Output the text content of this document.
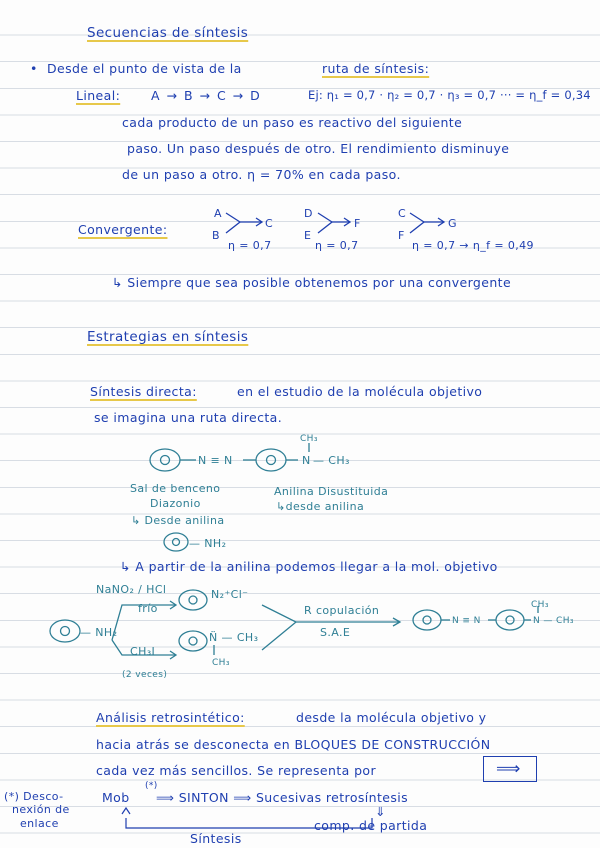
Secuencias de síntesis
• Desde el punto de vista de la	ruta de síntesis:
Lineal: A → B → C → D	Ej: η₁ = 0,7 · η₂ = 0,7 · η₃ = 0,7 ··· = η_f = 0,34
cada producto de un paso es reactivo del siguiente
paso. Un paso después de otro. El rendimiento disminuye
de un paso a otro. η = 70% en cada paso.
Convergente:
A
B
C
η = 0,7
D
E
F
η = 0,7
C
F
G
η = 0,7 → η_f = 0,49
↳ Siempre que sea posible obtenemos por una convergente
Estrategias en síntesis
Síntesis directa:	en el estudio de la molécula objetivo
se imagina una ruta directa.
N ≡ N
CH₃
N — CH₃
Sal de benceno
Diazonio
Anilina Disustituida
↳desde anilina
↳ Desde anilina
— NH₂
↳ A partir de la anilina podemos llegar a la mol. objetivo
— NH₂
NaNO₂ / HCl
frío
N₂⁺Cl⁻
N̈ — CH₃
CH₃
CH₃I
(2 veces)
R copulación
S.A.E
N ≡ N
CH₃
N — CH₃
Análisis retrosintético:	desde la molécula objetivo y
hacia atrás se desconecta en BLOQUES DE CONSTRUCCIÓN
cada vez más sencillos. Se representa por	⟹
(*) Desco-
nexión de
enlace
Mob
(*)
⟹ SINTON ⟹ Sucesivas retrosíntesis
⇓
comp. de partida
Síntesis
